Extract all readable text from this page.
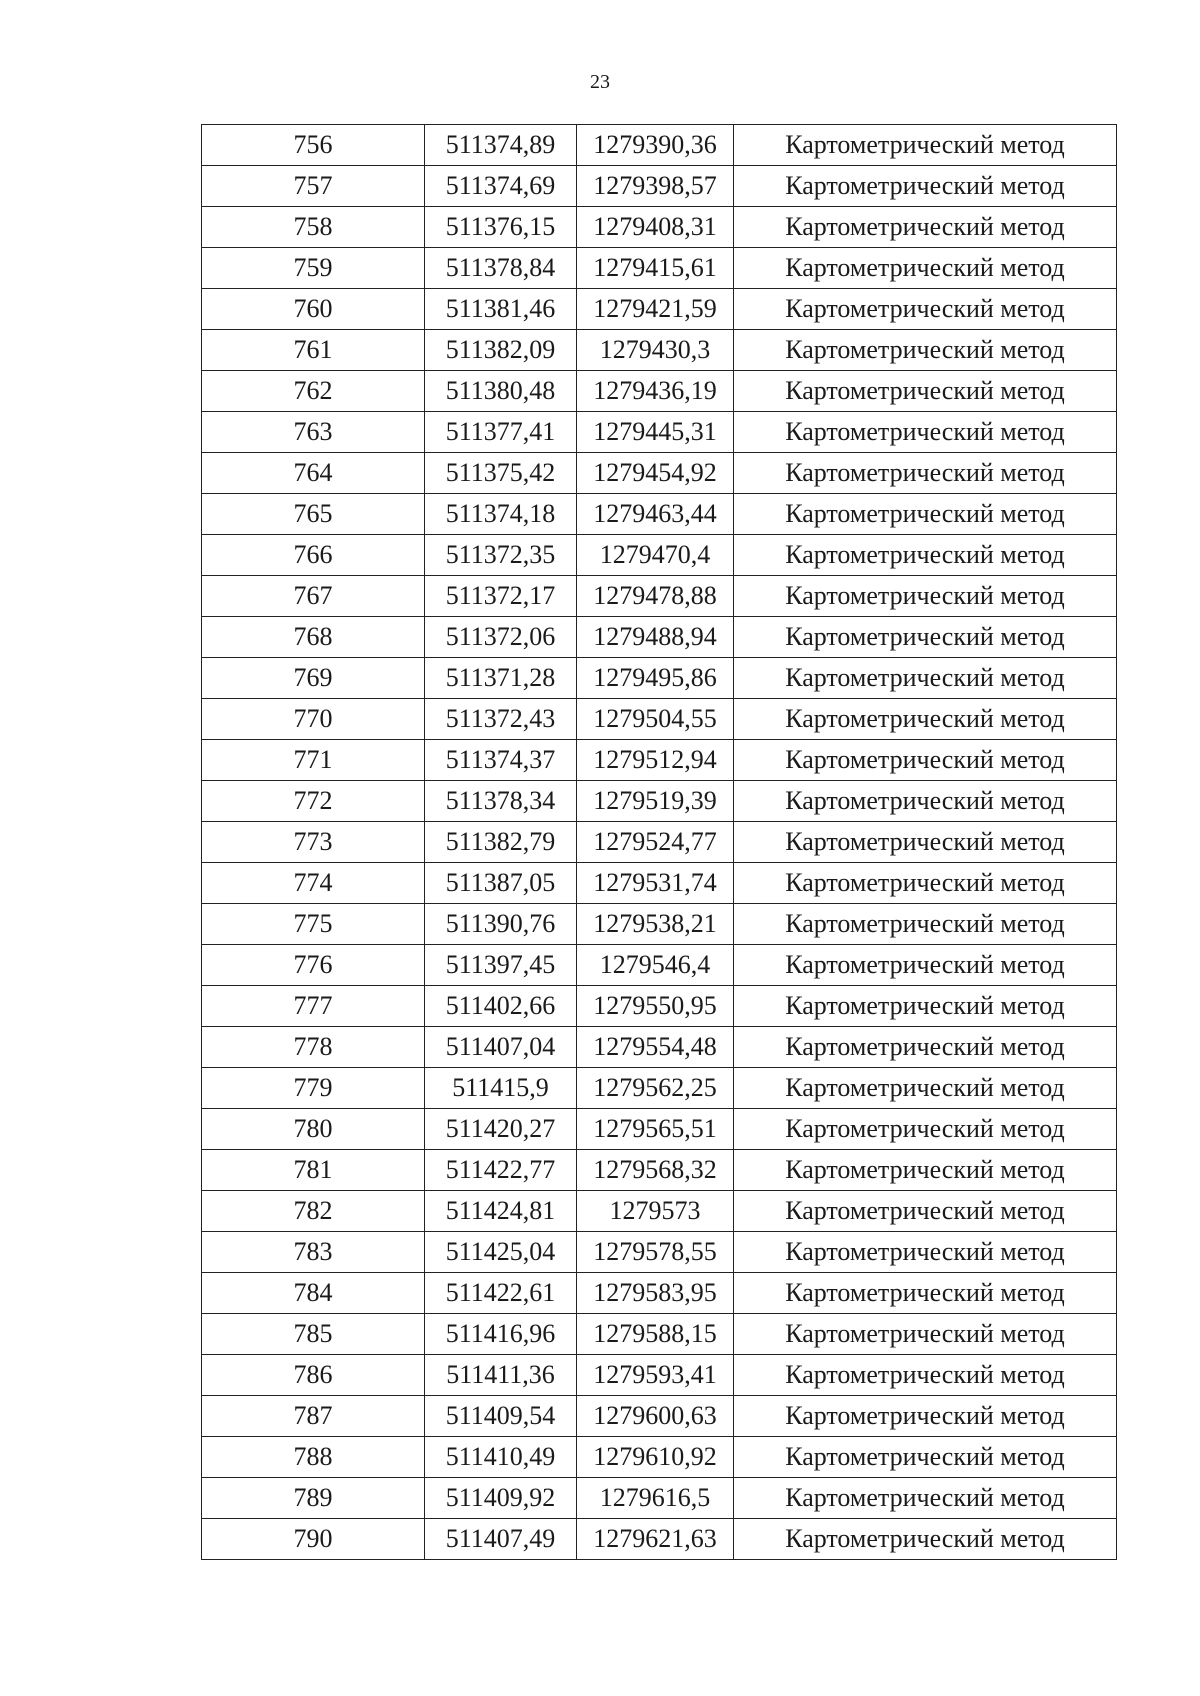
23
756	511374,89	1279390,36	Картометрический метод
757	511374,69	1279398,57	Картометрический метод
758	511376,15	1279408,31	Картометрический метод
759	511378,84	1279415,61	Картометрический метод
760	511381,46	1279421,59	Картометрический метод
761	511382,09	1279430,3	Картометрический метод
762	511380,48	1279436,19	Картометрический метод
763	511377,41	1279445,31	Картометрический метод
764	511375,42	1279454,92	Картометрический метод
765	511374,18	1279463,44	Картометрический метод
766	511372,35	1279470,4	Картометрический метод
767	511372,17	1279478,88	Картометрический метод
768	511372,06	1279488,94	Картометрический метод
769	511371,28	1279495,86	Картометрический метод
770	511372,43	1279504,55	Картометрический метод
771	511374,37	1279512,94	Картометрический метод
772	511378,34	1279519,39	Картометрический метод
773	511382,79	1279524,77	Картометрический метод
774	511387,05	1279531,74	Картометрический метод
775	511390,76	1279538,21	Картометрический метод
776	511397,45	1279546,4	Картометрический метод
777	511402,66	1279550,95	Картометрический метод
778	511407,04	1279554,48	Картометрический метод
779	511415,9	1279562,25	Картометрический метод
780	511420,27	1279565,51	Картометрический метод
781	511422,77	1279568,32	Картометрический метод
782	511424,81	1279573	Картометрический метод
783	511425,04	1279578,55	Картометрический метод
784	511422,61	1279583,95	Картометрический метод
785	511416,96	1279588,15	Картометрический метод
786	511411,36	1279593,41	Картометрический метод
787	511409,54	1279600,63	Картометрический метод
788	511410,49	1279610,92	Картометрический метод
789	511409,92	1279616,5	Картометрический метод
790	511407,49	1279621,63	Картометрический метод
